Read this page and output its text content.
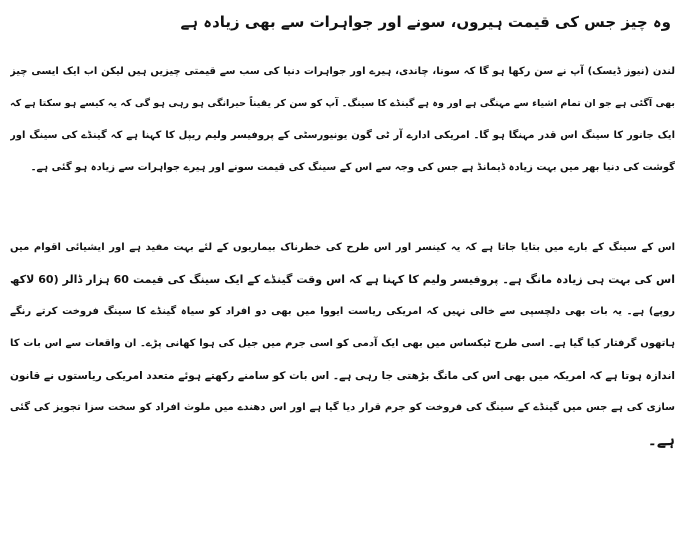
وہ چیز جس کی قیمت ہیروں، سونے اور جواہرات سے بھی زیادہ ہے
لندن (نیوز ڈیسک) آپ نے سن رکھا ہو گا کہ سونا، چاندی، ہیرے اور جواہرات دنیا کی سب سے قیمتی چیزیں ہیں لیکن اب ایک ایسی چیز
بھی آگئی ہے جو ان تمام اشیاء سے مہنگی ہے اور وہ ہے گینڈے کا سینگ۔ آپ کو سن کر یقیناً حیرانگی ہو رہی ہو گی کہ یہ کیسے ہو سکتا ہے کہ
ایک جانور کا سینگ اس قدر مہنگا ہو گا۔ امریکی ادارے آر ٹی گون یونیورسٹی کے پروفیسر ولیم ریپل کا کہنا ہے کہ گینڈے کی سینگ اور
گوشت کی دنیا بھر میں بہت زیادہ ڈیمانڈ ہے جس کی وجہ سے اس کے سینگ کی قیمت سونے اور ہیرے جواہرات سے زیادہ ہو گئی ہے۔
اس کے سینگ کے بارے میں بتایا جاتا ہے کہ یہ کینسر اور اس طرح کی خطرناک بیماریوں کے لئے بہت مفید ہے اور ایشیائی اقوام میں
اس کی بہت ہی زیادہ مانگ ہے۔ پروفیسر ولیم کا کہنا ہے کہ اس وقت گینڈے کے ایک سینگ کی قیمت 60 ہزار ڈالر (60 لاکھ
روپے) ہے۔ یہ بات بھی دلچسپی سے خالی نہیں کہ امریکی ریاست ایووا میں بھی دو افراد کو سیاہ گینڈے کا سینگ فروخت کرتے رنگے
ہاتھوں گرفتار کیا گیا ہے۔ اسی طرح ٹیکساس میں بھی ایک آدمی کو اسی جرم میں جیل کی ہوا کھانی پڑے۔ ان واقعات سے اس بات کا
اندازہ ہوتا ہے کہ امریکہ میں بھی اس کی مانگ بڑھتی جا رہی ہے۔ اس بات کو سامنے رکھتے ہوئے متعدد امریکی ریاستوں نے قانون
سازی کی ہے جس میں گینڈے کے سینگ کی فروخت کو جرم قرار دیا گیا ہے اور اس دھندے میں ملوث افراد کو سخت سزا تجویز کی گئی
ہے۔
